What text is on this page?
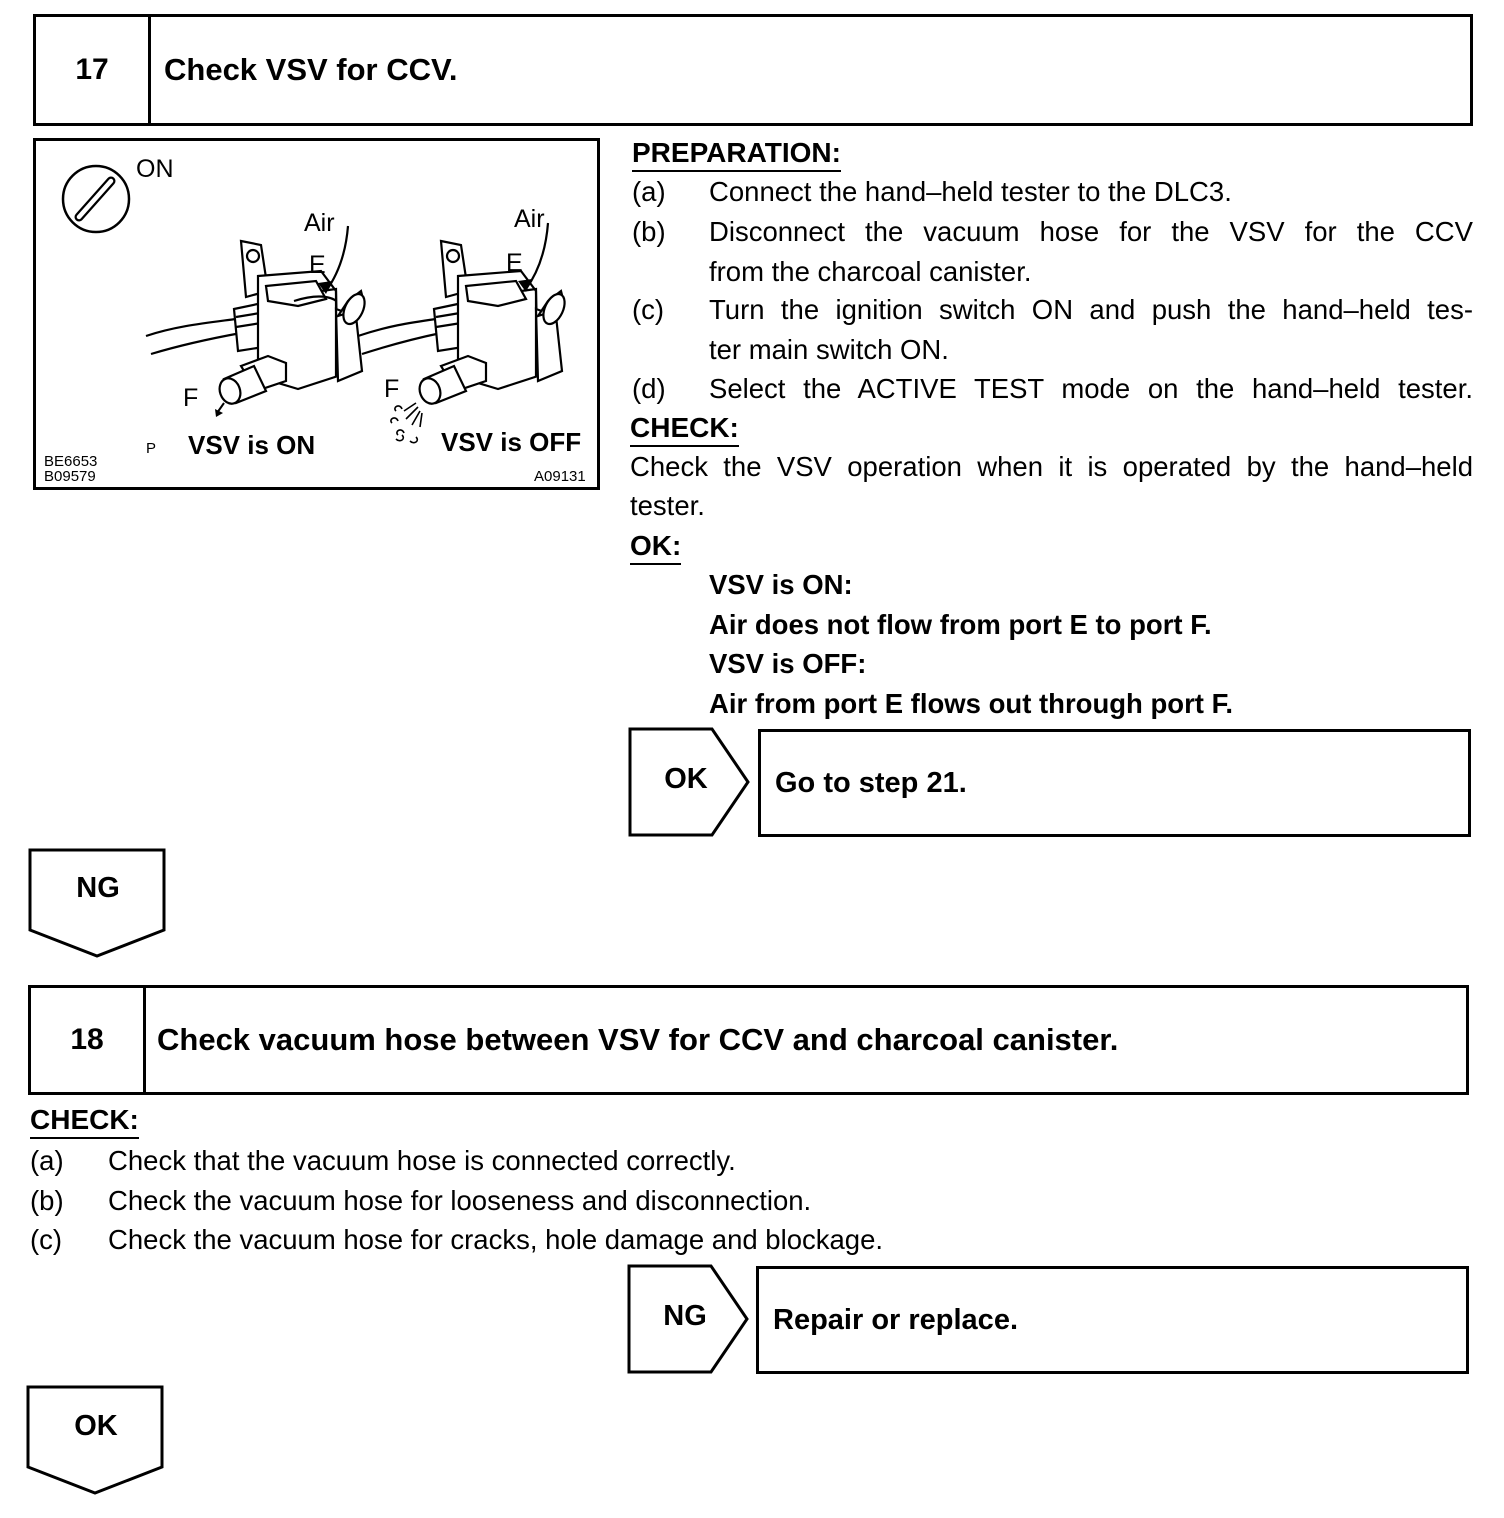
17	Check VSV for CCV.
ON
Air
E
F
P VSV is ON
Air
E
F
VSV is OFF
BE6653
B09579	A09131
PREPARATION:
(a) Connect the hand–held tester to the DLC3.
(b) Disconnect the vacuum hose for the VSV for the CCV
from the charcoal canister.
(c) Turn the ignition switch ON and push the hand–held tes-
ter main switch ON.
(d) Select the ACTIVE TEST mode on the hand–held tester.
CHECK:
Check the VSV operation when it is operated by the hand–held
tester.
OK:
VSV is ON:
Air does not flow from port E to port F.
VSV is OFF:
Air from port E flows out through port F.
OK	Go to step 21.
NG
18	Check vacuum hose between VSV for CCV and charcoal canister.
CHECK:
(a) Check that the vacuum hose is connected correctly.
(b) Check the vacuum hose for looseness and disconnection.
(c) Check the vacuum hose for cracks, hole damage and blockage.
NG	Repair or replace.
OK
